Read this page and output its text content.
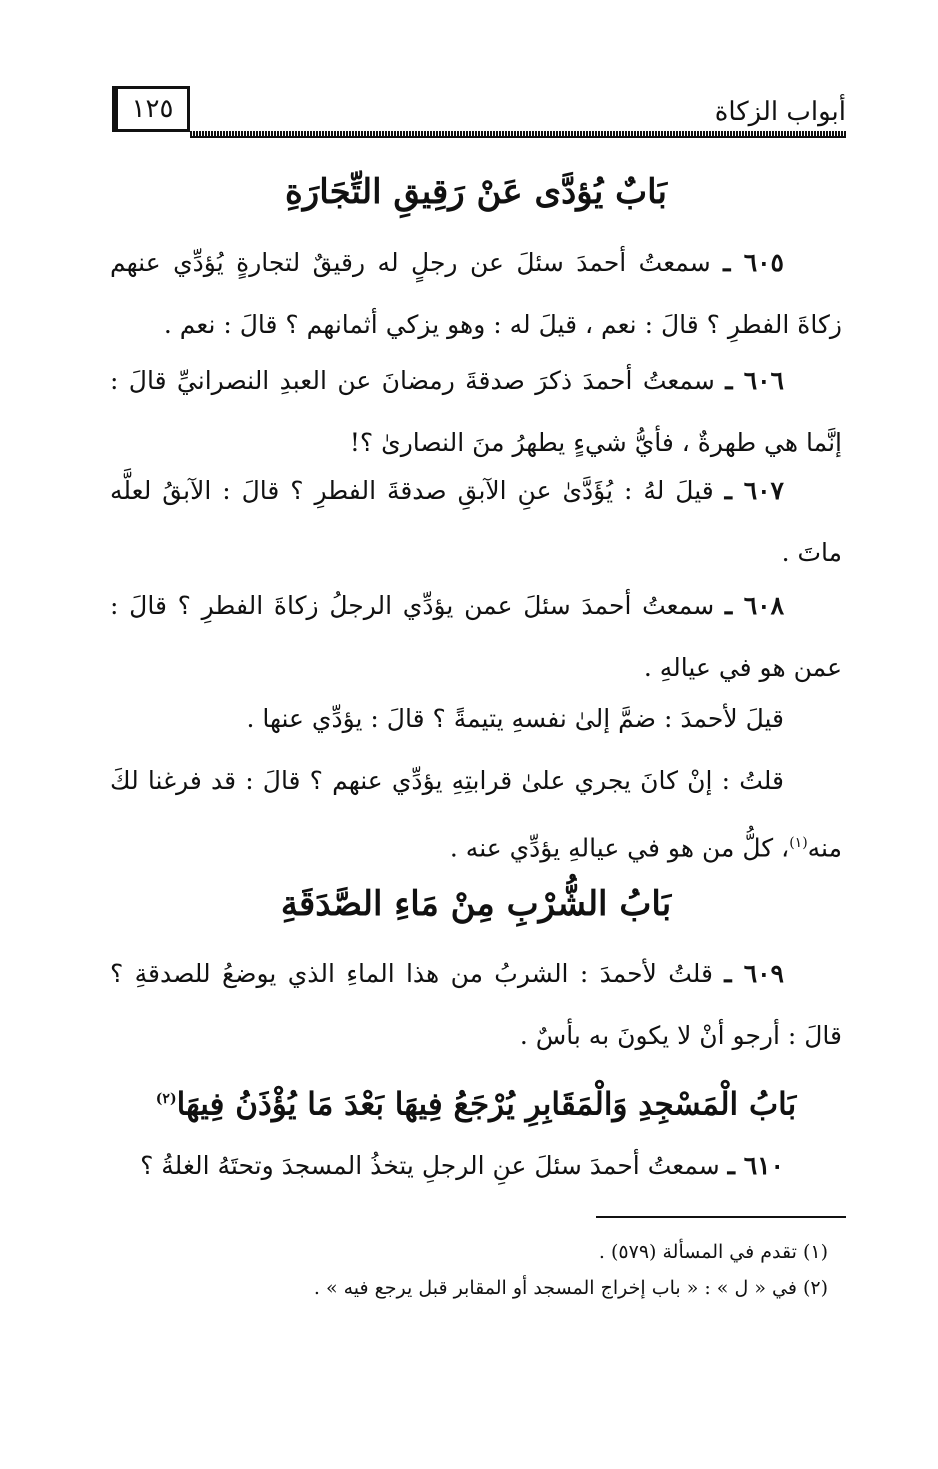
أبواب الزكاة
١٢٥
بَابٌ يُؤدَّى عَنْ رَقِيقِ التِّجَارَةِ
٦٠٥ ـ سمعتُ أحمدَ سئلَ عن رجلٍ له رقيقٌ لتجارةٍ يُؤدِّي عنهم زكاةَ الفطرِ ؟ قالَ : نعم ، قيلَ له : وهو يزكي أثمانهم ؟ قالَ : نعم .
٦٠٦ ـ سمعتُ أحمدَ ذكرَ صدقةَ رمضانَ عن العبدِ النصرانيِّ قالَ : إنَّما هي طهرةٌ ، فأيُّ شيءٍ يطهرُ منَ النصارىٰ ؟!
٦٠٧ ـ قيلَ لهُ : يُؤَدَّىٰ عنِ الآبقِ صدقةَ الفطرِ ؟ قالَ : الآبقُ لعلَّه ماتَ .
٦٠٨ ـ سمعتُ أحمدَ سئلَ عمن يؤدِّي الرجلُ زكاةَ الفطرِ ؟ قالَ : عمن هو في عيالهِ .
قيلَ لأحمدَ : ضمَّ إلىٰ نفسهِ يتيمةً ؟ قالَ : يؤدِّي عنها .
قلتُ : إنْ كانَ يجري علىٰ قرابتِهِ يؤدِّي عنهم ؟ قالَ : قد فرغنا لكَ منه$^{(١)}$، كلُّ من هو في عيالهِ يؤدِّي عنه .
بَابُ الشُّرْبِ مِنْ مَاءِ الصَّدَقَةِ
٦٠٩ ـ قلتُ لأحمدَ : الشربُ من هذا الماءِ الذي يوضعُ للصدقةِ ؟ قالَ : أرجو أنْ لا يكونَ به بأسٌ .
بَابُ الْمَسْجِدِ وَالْمَقَابِرِ يُرْجَعُ فِيهَا بَعْدَ مَا يُؤْذَنُ فِيهَا$^{(٢)}$
٦١٠ ـ سمعتُ أحمدَ سئلَ عنِ الرجلِ يتخذُ المسجدَ وتحتَهُ الغلةُ ؟
(١) تقدم في المسألة (٥٧٩) .
(٢) في « ل » : « باب إخراج المسجد أو المقابر قبل يرجع فيه » .
